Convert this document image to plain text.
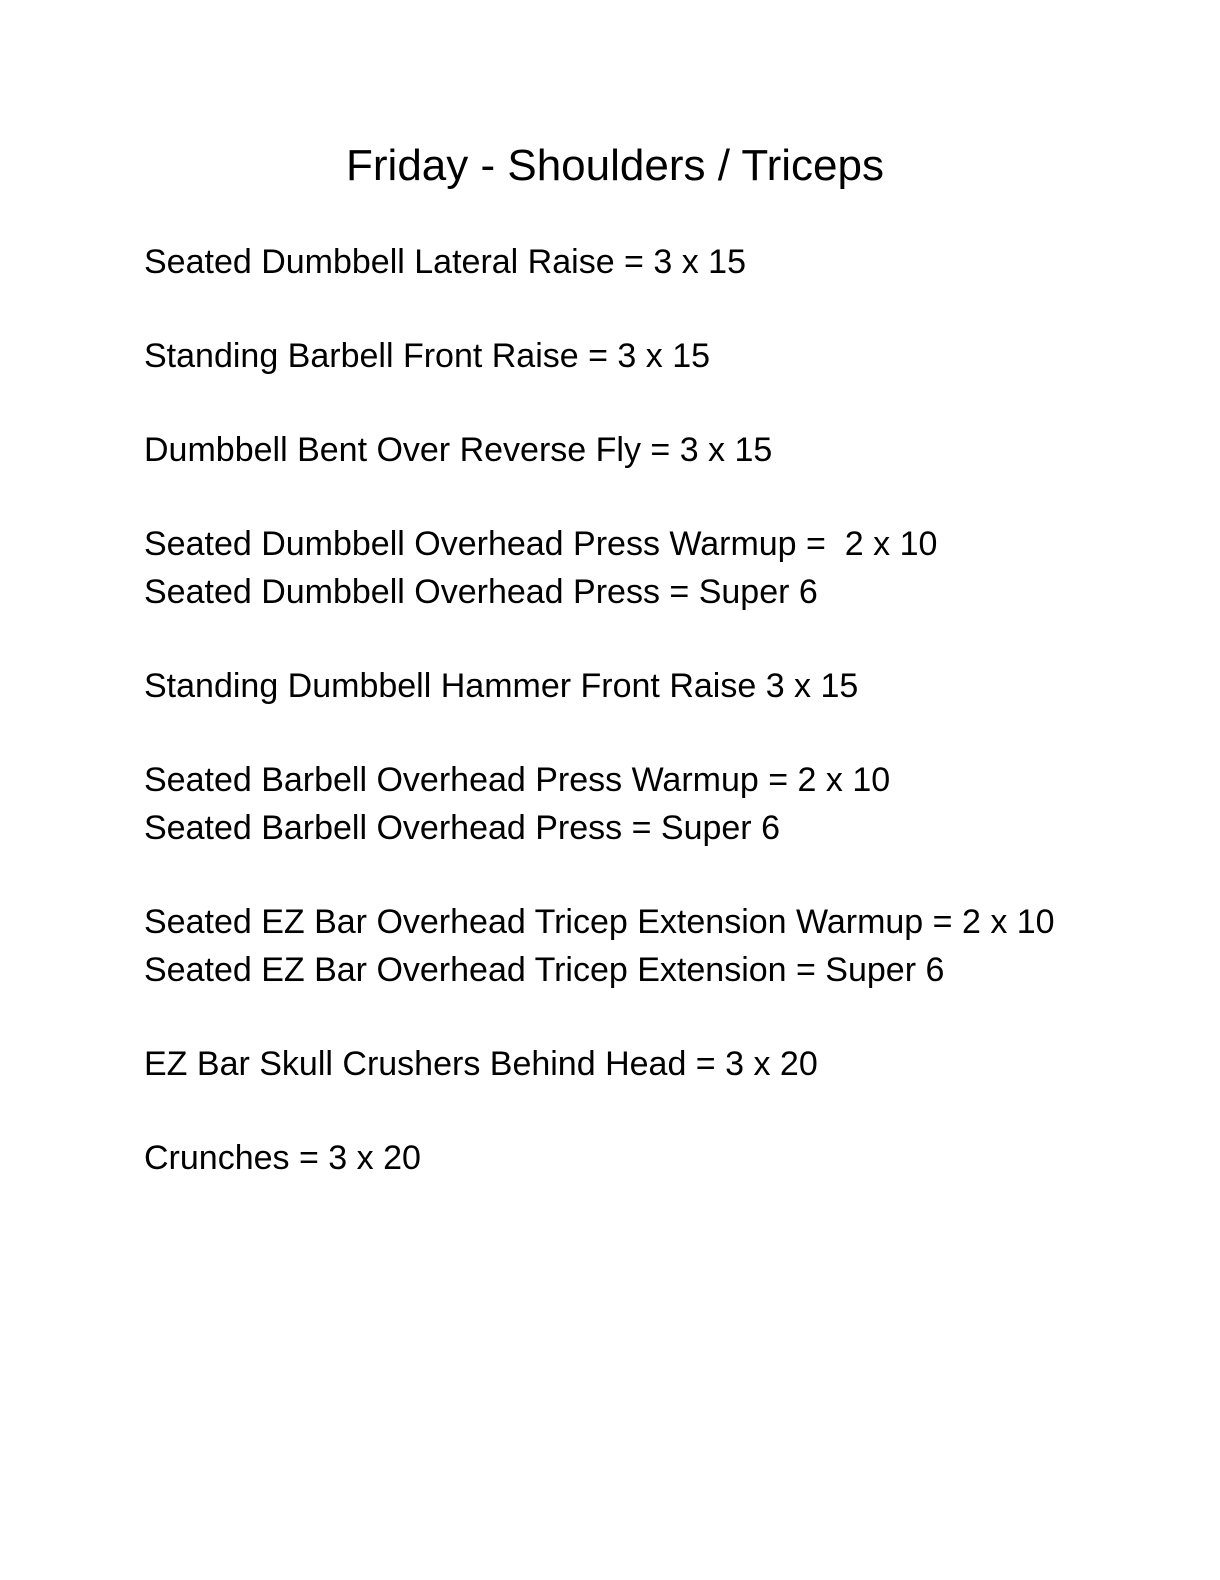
Friday - Shoulders / Triceps

Seated Dumbbell Lateral Raise = 3 x 15

Standing Barbell Front Raise = 3 x 15

Dumbbell Bent Over Reverse Fly = 3 x 15

Seated Dumbbell Overhead Press Warmup =  2 x 10

Seated Dumbbell Overhead Press = Super 6

Standing Dumbbell Hammer Front Raise 3 x 15

Seated Barbell Overhead Press Warmup = 2 x 10

Seated Barbell Overhead Press = Super 6

Seated EZ Bar Overhead Tricep Extension Warmup = 2 x 10

Seated EZ Bar Overhead Tricep Extension = Super 6

EZ Bar Skull Crushers Behind Head = 3 x 20

Crunches = 3 x 20
